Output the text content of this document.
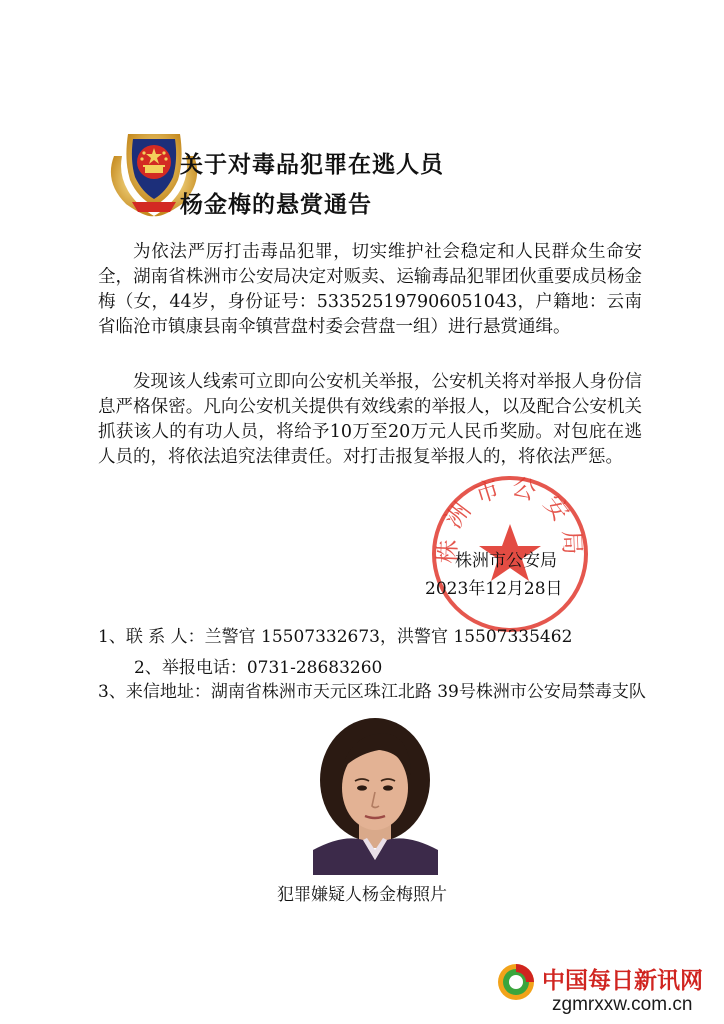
关于对毒品犯罪在逃人员
杨金梅的悬赏通告

为依法严厉打击毒品犯罪，切实维护社会稳定和人民群众生命安全，湖南省株洲市公安局决定对贩卖、运输毒品犯罪团伙重要成员杨金梅（女，44岁，身份证号：533525197906051043，户籍地：云南省临沧市镇康县南伞镇营盘村委会营盘一组）进行悬赏通缉。

发现该人线索可立即向公安机关举报，公安机关将对举报人身份信息严格保密。凡向公安机关提供有效线索的举报人，以及配合公安机关抓获该人的有功人员，将给予10万至20万元人民币奖励。对包庇在逃人员的，将依法追究法律责任。对打击报复举报人的，将依法严惩。

株洲市公安局
株洲市公安局
2023年12月28日
1、联 系 人：兰警官 15507332673，洪警官 15507335462
2、举报电话：0731-28683260
3、来信地址：湖南省株洲市天元区珠江北路 39号株洲市公安局禁毒支队
犯罪嫌疑人杨金梅照片
中国每日新讯网
zgmrxxw.com.cn
